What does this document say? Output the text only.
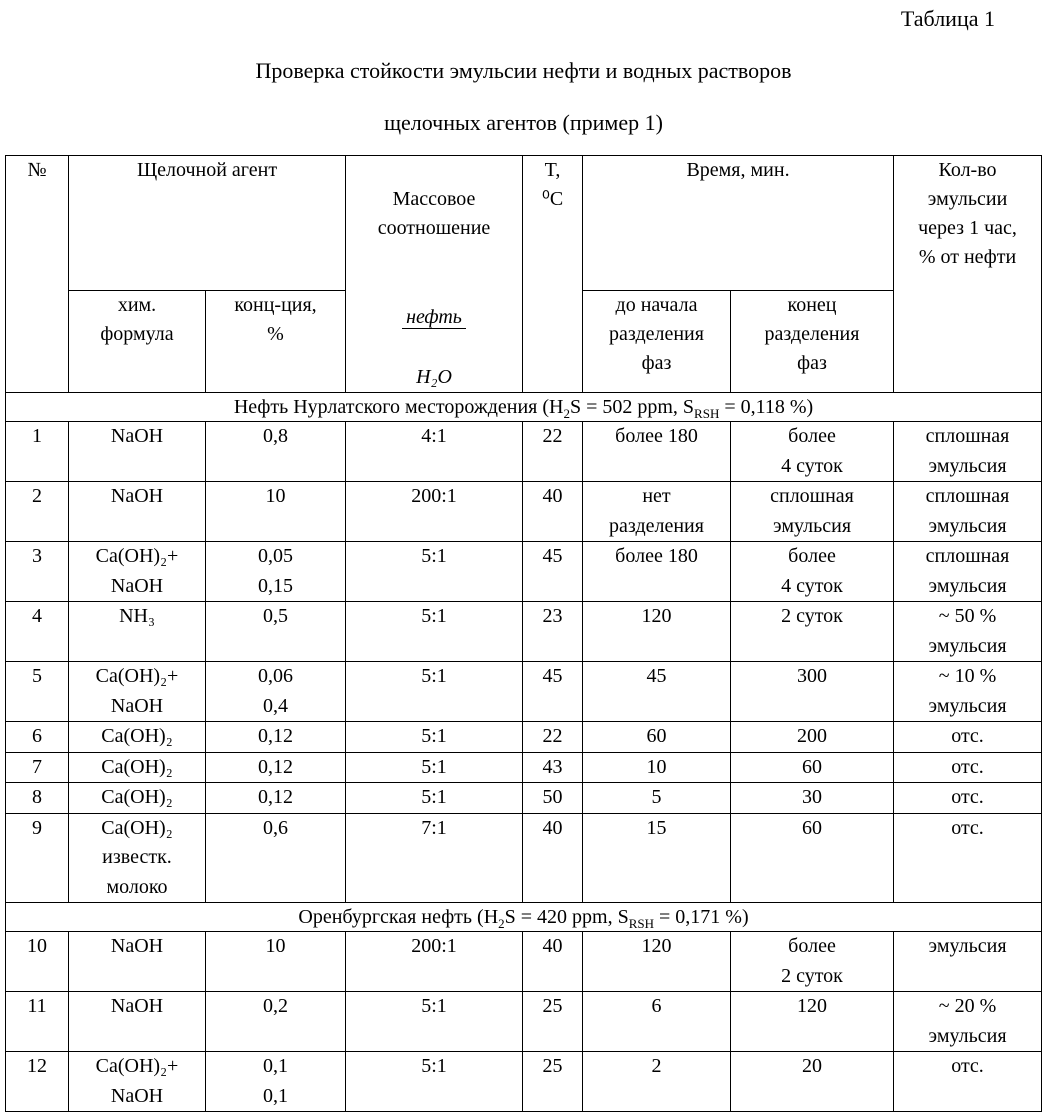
Таблица 1
Проверка стойкости эмульсии нефти и водных растворов
щелочных агентов (пример 1)
№	Щелочной агент	
Массовое
соотношение

нефть

H₂O

	T,
⁰C	Время, мин.	Кол-во
эмульсии
через 1 час,
% от нефти
хим.
формула	конц-ция,
%	до начала
разделения
фаз	конец
разделения
фаз
Нефть Нурлатского месторождения (H2S = 502 ppm, SRSH = 0,118 %)
1	NaOH	0,8	4:1	22	более 180	более
4 суток	сплошная
эмульсия
2	NaOH	10	200:1	40	нет
разделения	сплошная
эмульсия	сплошная
эмульсия
3	Ca(OH)₂+
NaOH	0,05
0,15	5:1	45	более 180	более
4 суток	сплошная
эмульсия
4	NH₃	0,5	5:1	23	120	2 суток	~ 50 %
эмульсия
5	Ca(OH)₂+
NaOH	0,06
0,4	5:1	45	45	300	~ 10 %
эмульсия
6	Ca(OH)₂	0,12	5:1	22	60	200	отс.
7	Ca(OH)₂	0,12	5:1	43	10	60	отс.
8	Ca(OH)₂	0,12	5:1	50	5	30	отс.
9	Ca(OH)₂
известк.
молоко	0,6	7:1	40	15	60	отс.
Оренбургская нефть (H2S = 420 ppm, SRSH = 0,171 %)
10	NaOH	10	200:1	40	120	более
2 суток	эмульсия
11	NaOH	0,2	5:1	25	6	120	~ 20 %
эмульсия
12	Ca(OH)₂+
NaOH	0,1
0,1	5:1	25	2	20	отс.
